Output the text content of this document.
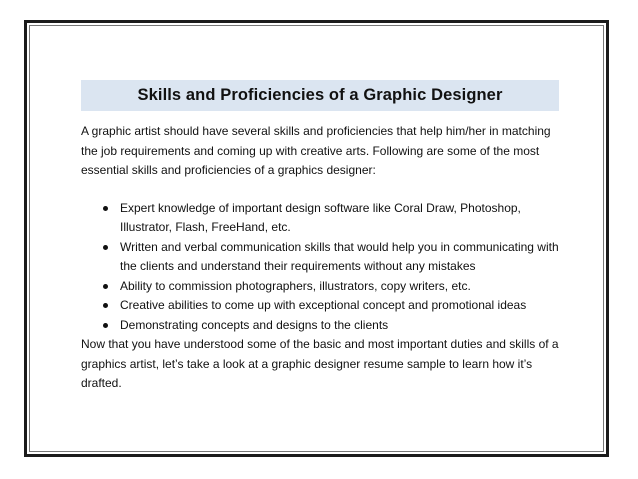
Skills and Proficiencies of a Graphic Designer

A graphic artist should have several skills and proficiencies that help him/her in matching the job requirements and coming up with creative arts. Following are some of the most essential skills and proficiencies of a graphics designer:

Expert knowledge of important design software like Coral Draw, Photoshop, Illustrator, Flash, FreeHand, etc.
Written and verbal communication skills that would help you in communicating with the clients and understand their requirements without any mistakes
Ability to commission photographers, illustrators, copy writers, etc.
Creative abilities to come up with exceptional concept and promotional ideas
Demonstrating concepts and designs to the clients

Now that you have understood some of the basic and most important duties and skills of a graphics artist, let’s take a look at a graphic designer resume sample to learn how it’s drafted.
